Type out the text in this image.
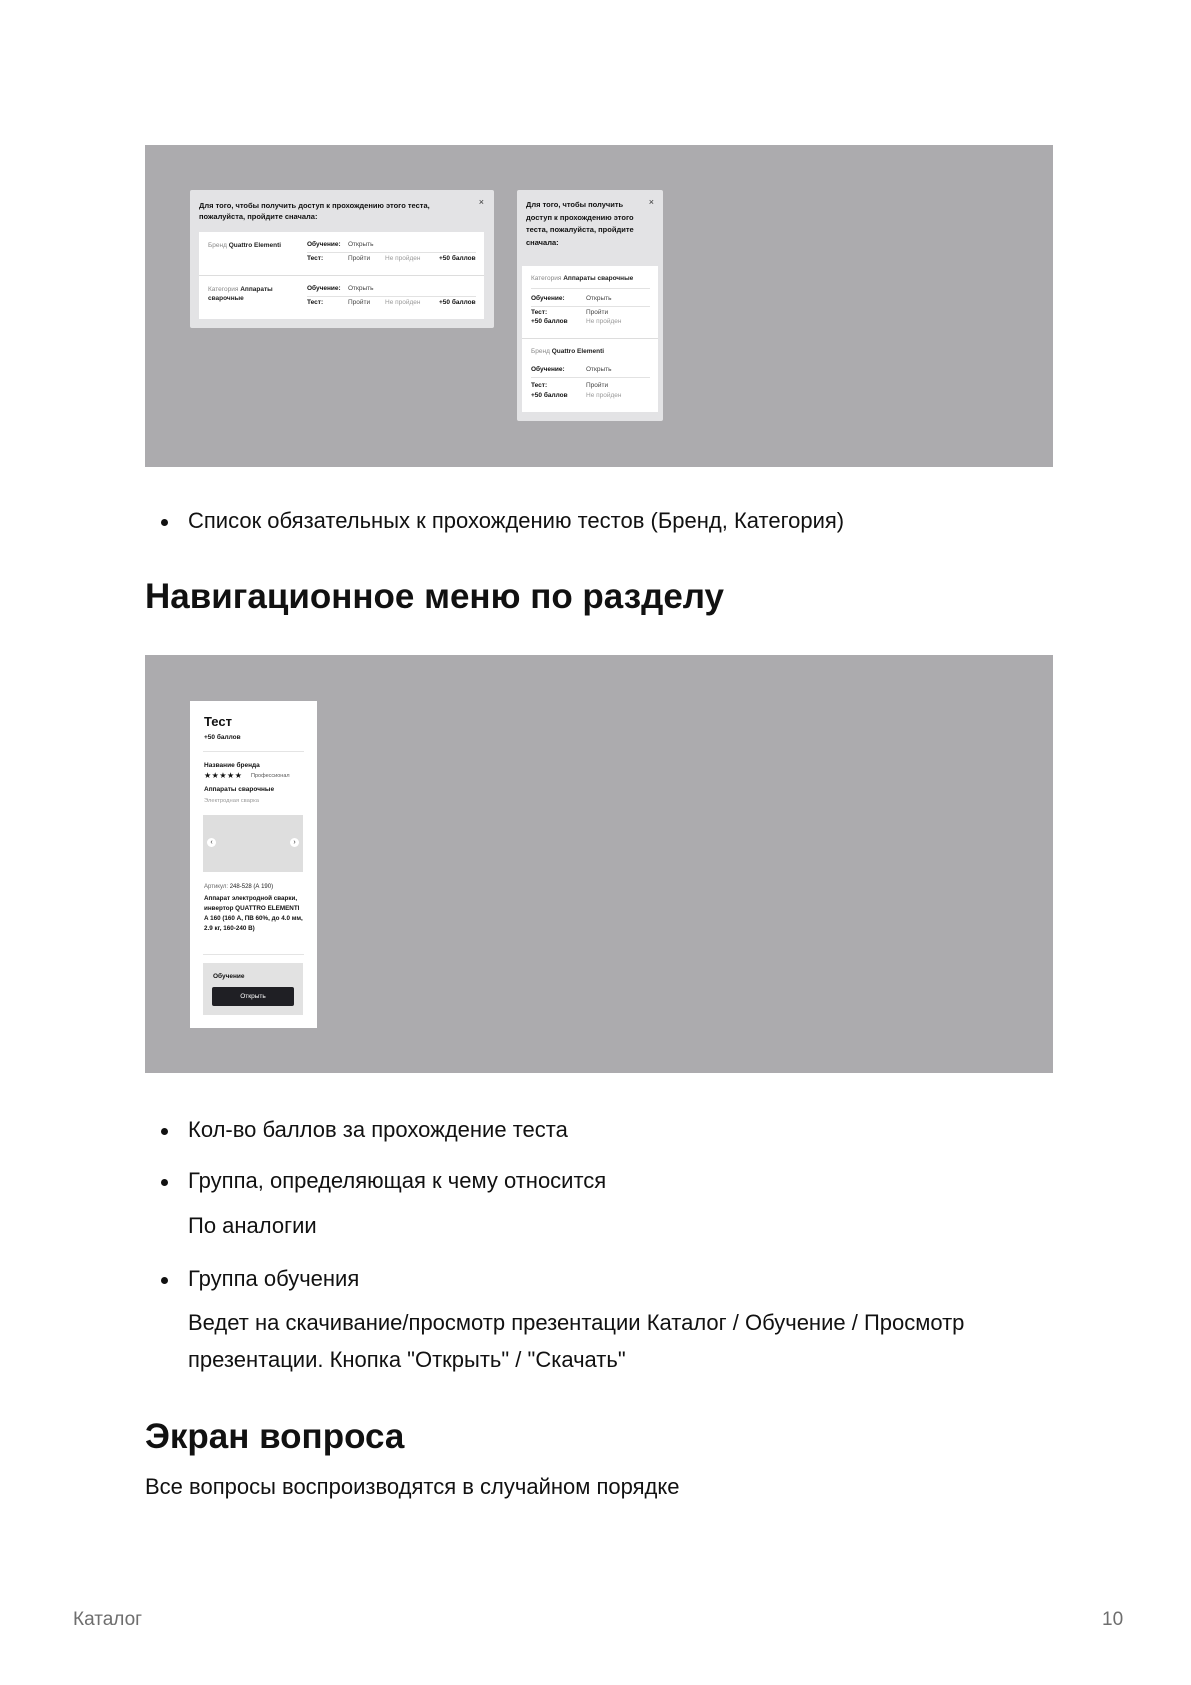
Для того, чтобы получить доступ к прохождению этого теста, пожалуйста, пройдите сначала:
×
Бренд Quattro Elementi	Обучение: Открыть
Тест:	Пройти Не пройден	+50 баллов
Категория Аппараты сварочные
Обучение: Открыть
Тест:	Пройти Не пройден	+50 баллов
Для того, чтобы получить доступ к прохождению этого теста, пожалуйста, пройдите сначала:
×
Категория Аппараты сварочные
Обучение:	Открыть
Тест:	Пройти
+50 баллов	Не пройден
Бренд Quattro Elementi
Обучение:	Открыть
Тест:	Пройти
+50 баллов	Не пройден
Список обязательных к прохождению тестов (Бренд, Категория)
Навигационное меню по разделу
Тест
+50 баллов
Название бренда
★★★★★ Профессионал
Аппараты сварочные
Электродная сварка
‹	›
Артикул: 248-528 (А 190)
Аппарат электродной сварки, инвертор QUATTRO ELEMENTI A 160 (160 А, ПВ 60%, до 4.0 мм, 2.9 кг, 160-240 В)
Обучение
Открыть
Кол-во баллов за прохождение теста
Группа, определяющая к чему относится
По аналогии
Группа обучения
Ведет на скачивание/просмотр презентации Каталог / Обучение / Просмотр презентации. Кнопка "Открыть" / "Скачать"
Экран вопроса
Все вопросы воспроизводятся в случайном порядке
Каталог	10
